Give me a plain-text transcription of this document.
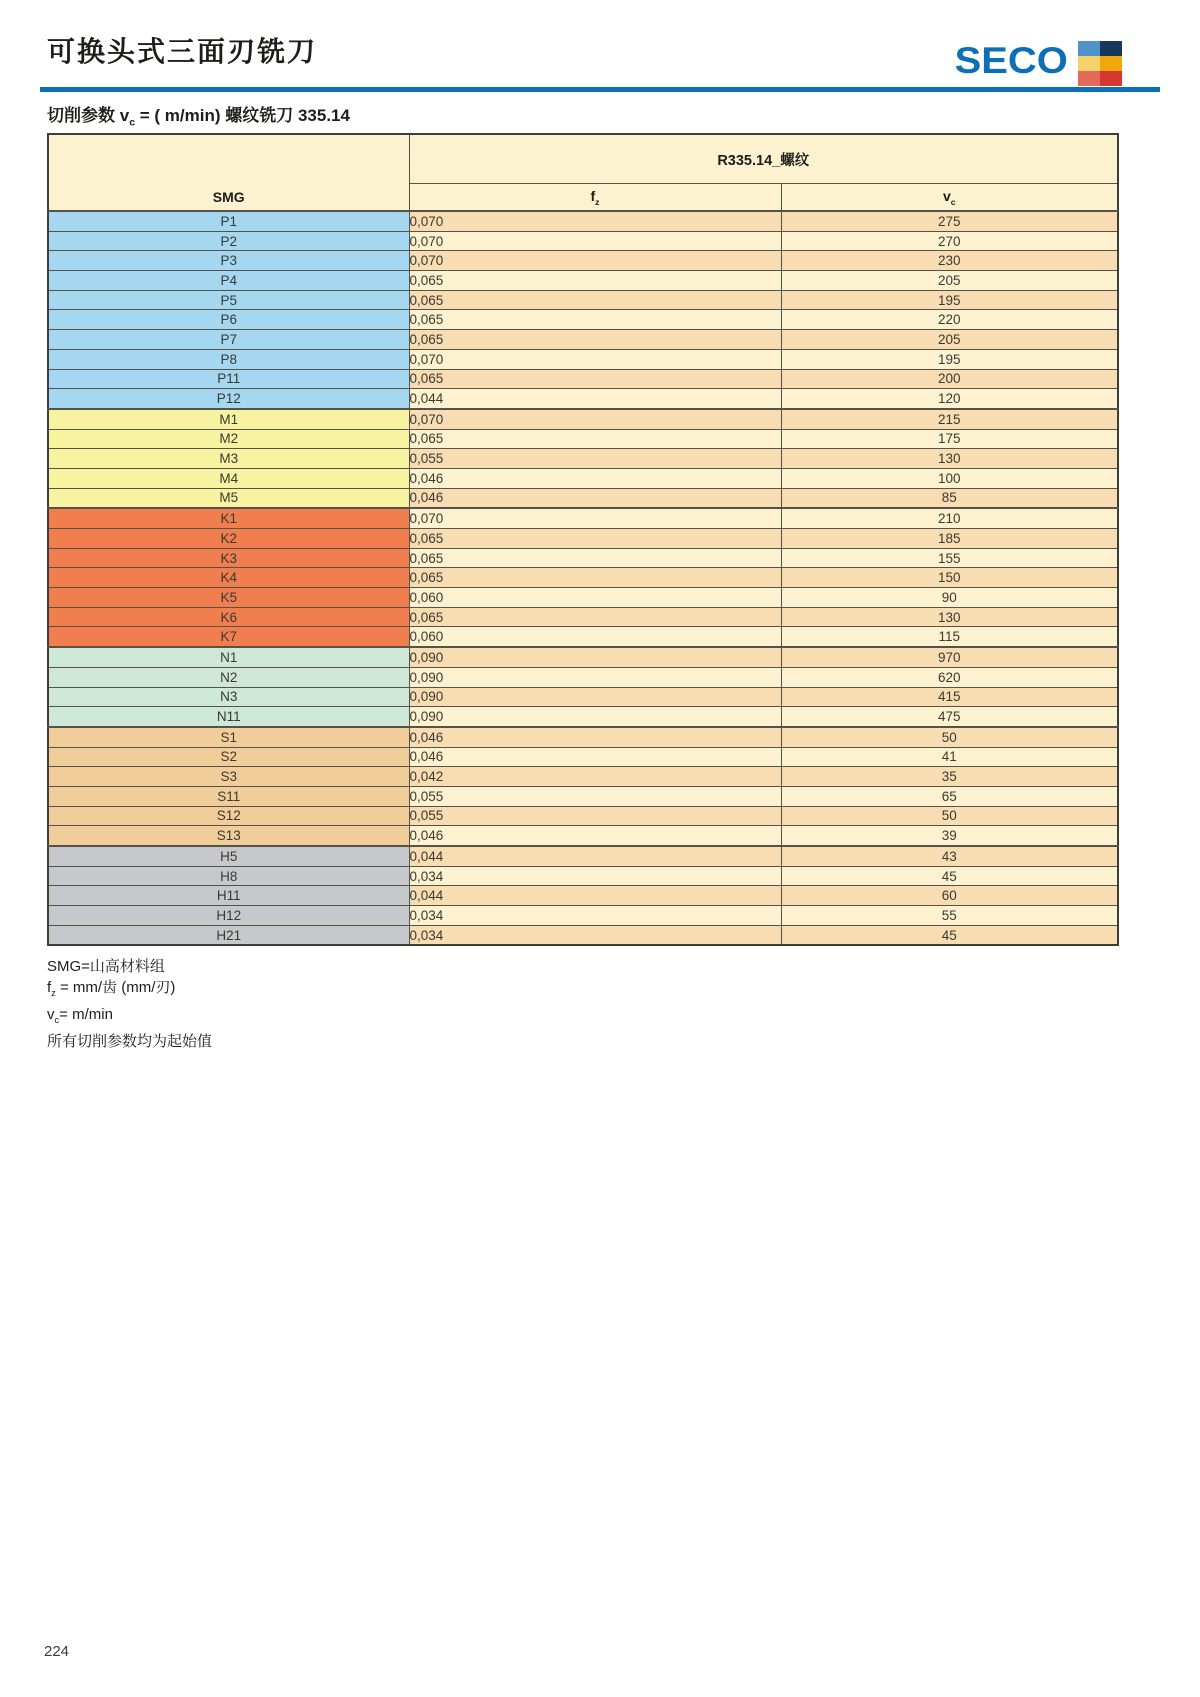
可换头式三面刃铣刀	SECO
切削参数 $v_c$ = ( m/min) 螺纹铣刀 335.14
SMG	R335.14_螺纹	
	$f_z$	$v_c$
P1	0,070	275
P2	0,070	270
P3	0,070	230
P4	0,065	205
P5	0,065	195
P6	0,065	220
P7	0,065	205
P8	0,070	195
P11	0,065	200
P12	0,044	120
M1	0,070	215
M2	0,065	175
M3	0,055	130
M4	0,046	100
M5	0,046	85
K1	0,070	210
K2	0,065	185
K3	0,065	155
K4	0,065	150
K5	0,060	90
K6	0,065	130
K7	0,060	115
N1	0,090	970
N2	0,090	620
N3	0,090	415
N11	0,090	475
S1	0,046	50
S2	0,046	41
S3	0,042	35
S11	0,055	65
S12	0,055	50
S13	0,046	39
H5	0,044	43
H8	0,034	45
H11	0,044	60
H12	0,034	55
H21	0,034	45
SMG=山高材料组
$f_z = mm/$齿 (mm/刃)
$v_c= m/\min$
所有切削参数均为起始值
224
